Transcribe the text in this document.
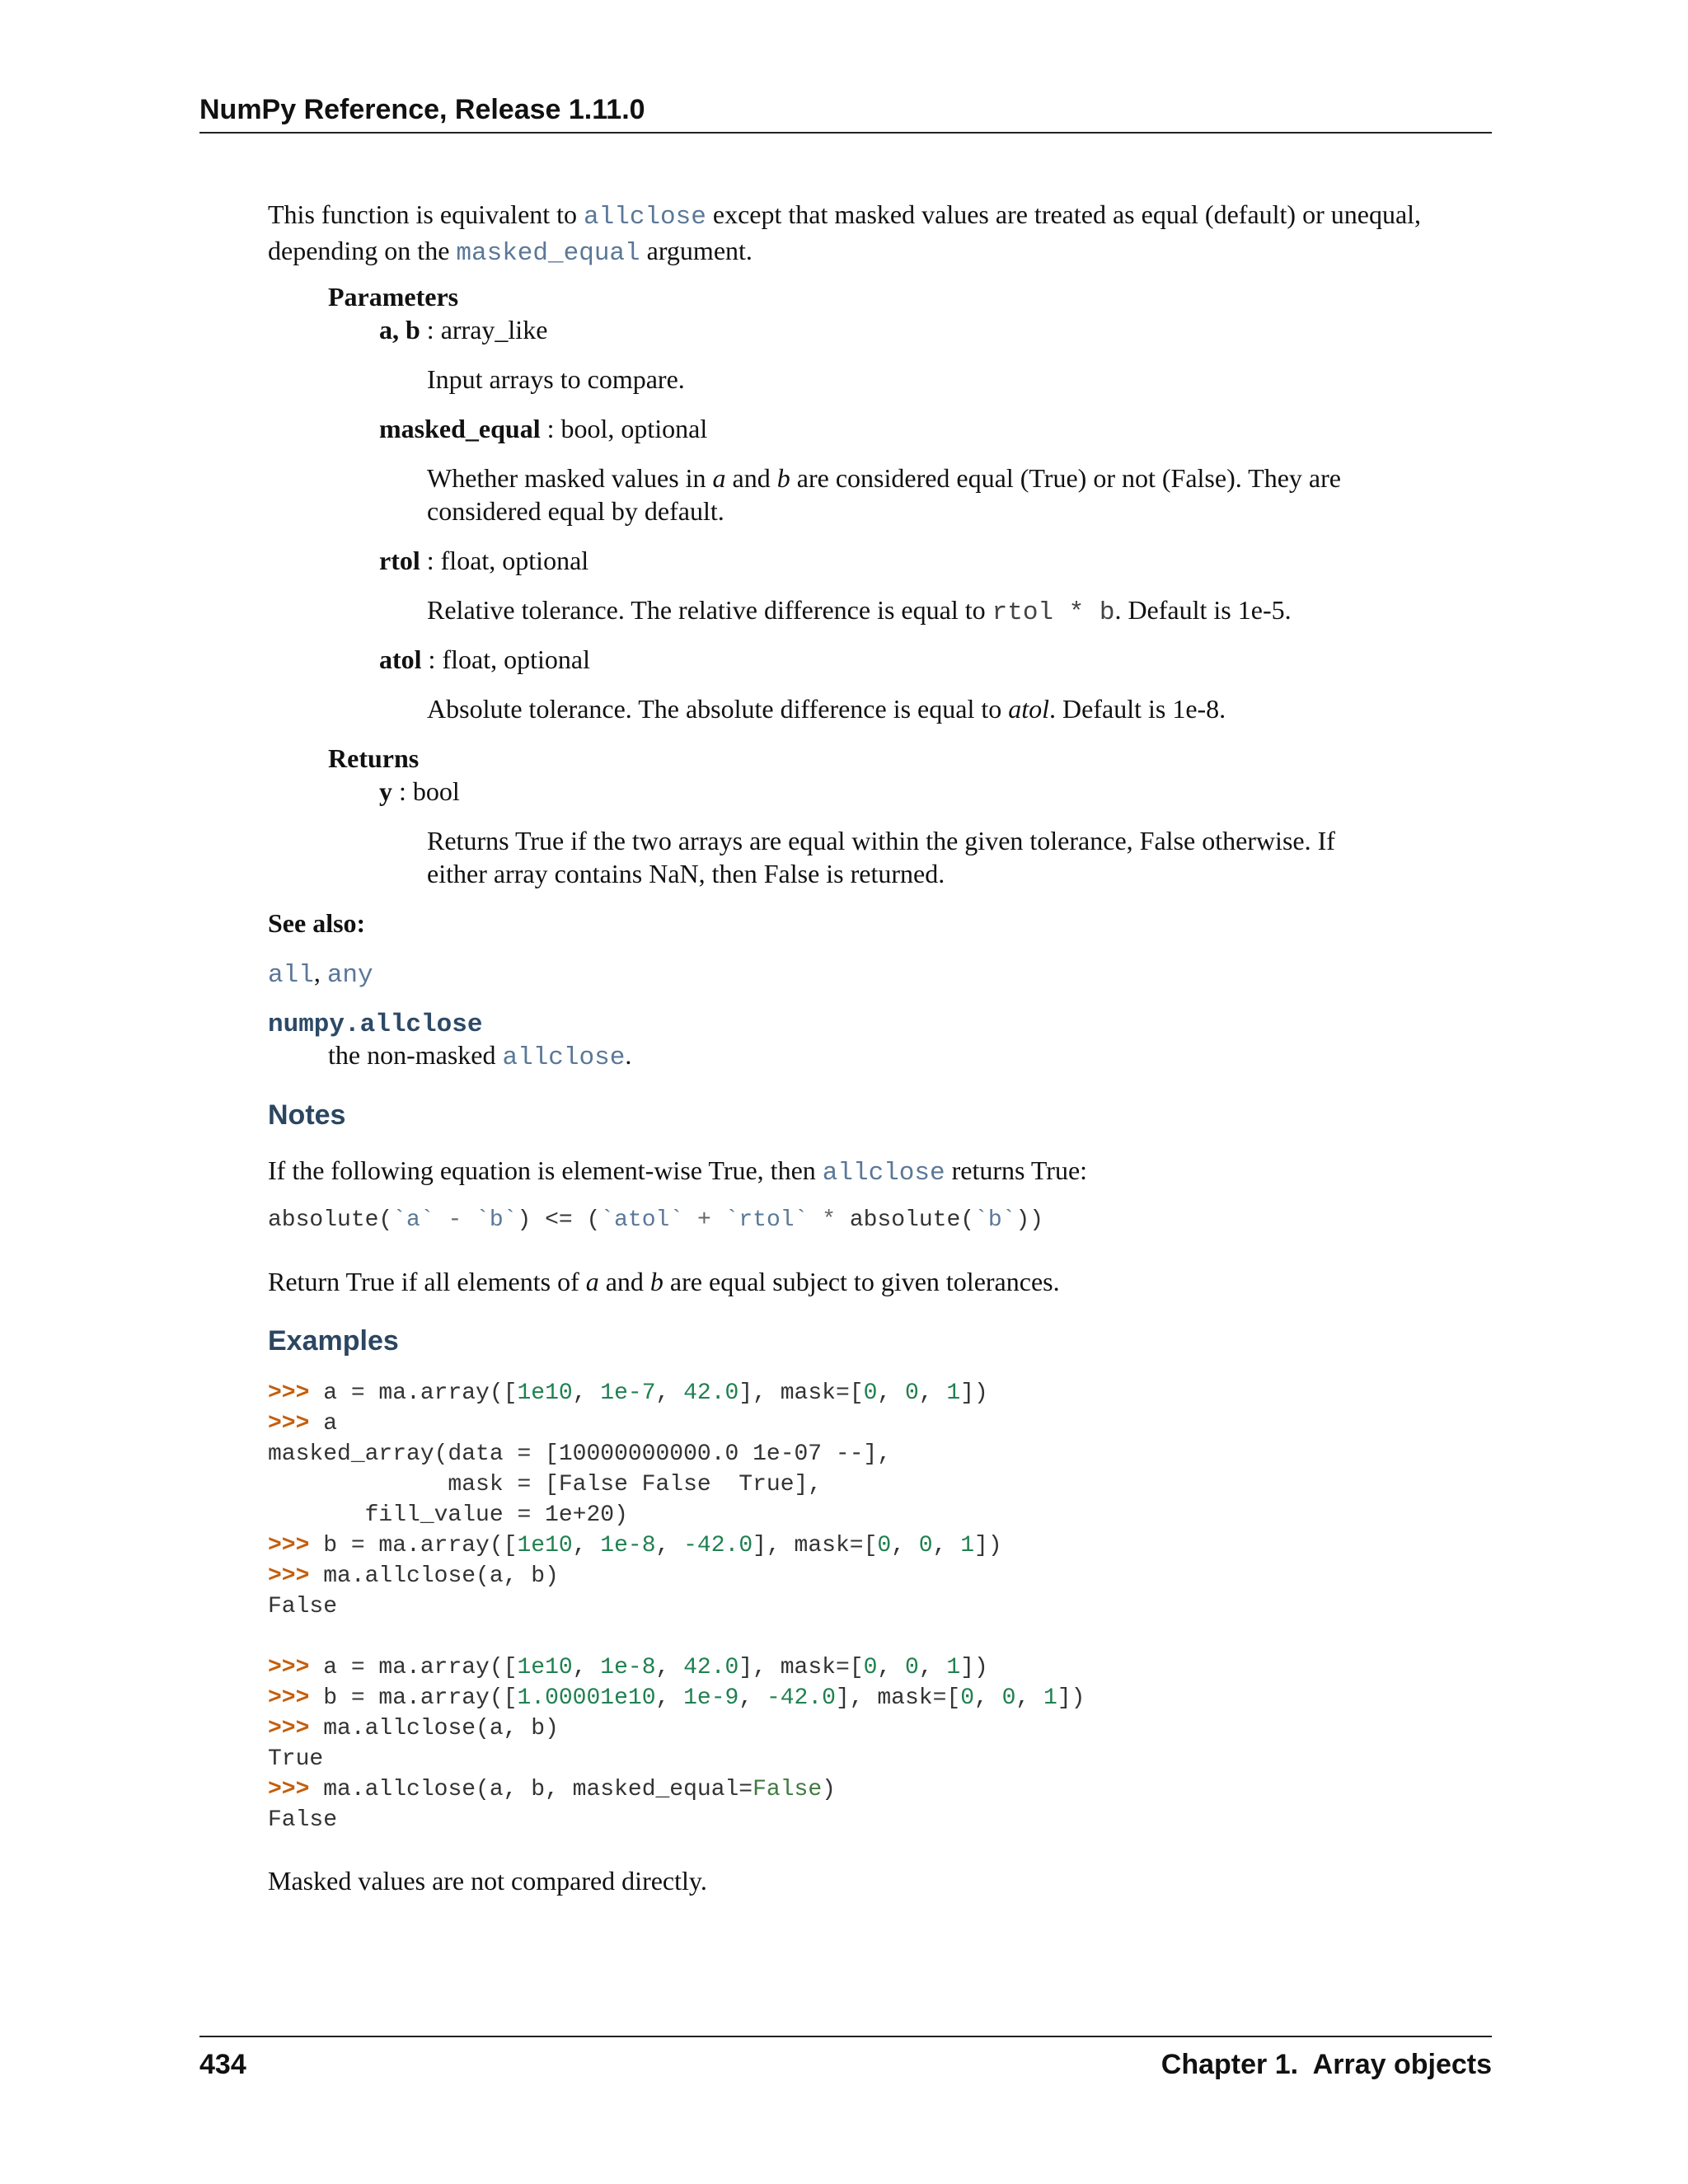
NumPy Reference, Release 1.11.0
This function is equivalent to allclose except that masked values are treated as equal (default) or unequal,
depending on the masked_equal argument.
Parameters
a, b : array_like
Input arrays to compare.
masked_equal : bool, optional
Whether masked values in a and b are considered equal (True) or not (False). They are
considered equal by default.
rtol : float, optional
Relative tolerance. The relative difference is equal to rtol * b. Default is 1e-5.
atol : float, optional
Absolute tolerance. The absolute difference is equal to atol. Default is 1e-8.
Returns
y : bool
Returns True if the two arrays are equal within the given tolerance, False otherwise. If
either array contains NaN, then False is returned.
See also:
all, any
numpy.allclose
the non-masked allclose.
Notes
If the following equation is element-wise True, then allclose returns True:
absolute(`a` - `b`) <= (`atol` + `rtol` * absolute(`b`))
Return True if all elements of a and b are equal subject to given tolerances.
Examples
>>> a = ma.array([1e10, 1e-7, 42.0], mask=[0, 0, 1])
>>> a
masked_array(data = [10000000000.0 1e-07 --],
mask = [False False  True],
fill_value = 1e+20)
>>> b = ma.array([1e10, 1e-8, -42.0], mask=[0, 0, 1])
>>> ma.allclose(a, b)
False

>>> a = ma.array([1e10, 1e-8, 42.0], mask=[0, 0, 1])
>>> b = ma.array([1.00001e10, 1e-9, -42.0], mask=[0, 0, 1])
>>> ma.allclose(a, b)
True
>>> ma.allclose(a, b, masked_equal=False)
False
Masked values are not compared directly.
434	Chapter 1.  Array objects
